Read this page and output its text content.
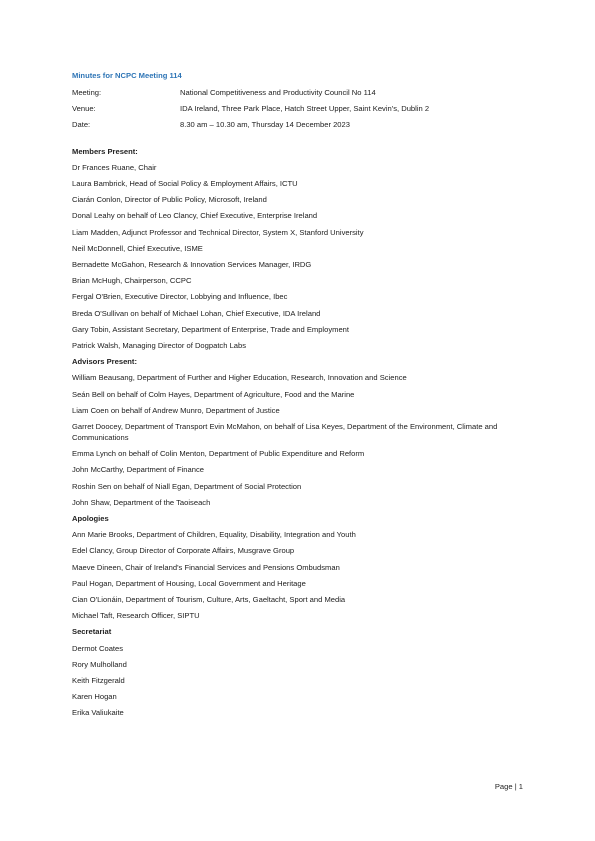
Minutes for NCPC Meeting 114
Meeting:	National Competitiveness and Productivity Council No 114
Venue:	IDA Ireland, Three Park Place, Hatch Street Upper, Saint Kevin's, Dublin 2
Date:	8.30 am – 10.30 am, Thursday 14 December 2023
Members Present:
Dr Frances Ruane, Chair
Laura Bambrick, Head of Social Policy & Employment Affairs, ICTU
Ciarán Conlon, Director of Public Policy, Microsoft, Ireland
Donal Leahy on behalf of Leo Clancy, Chief Executive, Enterprise Ireland
Liam Madden, Adjunct Professor and Technical Director, System X, Stanford University
Neil McDonnell, Chief Executive, ISME
Bernadette McGahon, Research & Innovation Services Manager, IRDG
Brian McHugh, Chairperson, CCPC
Fergal O'Brien, Executive Director, Lobbying and Influence, Ibec
Breda O'Sullivan on behalf of Michael Lohan, Chief Executive, IDA Ireland
Gary Tobin, Assistant Secretary, Department of Enterprise, Trade and Employment
Patrick Walsh, Managing Director of Dogpatch Labs
Advisors Present:
William Beausang, Department of Further and Higher Education, Research, Innovation and Science
Seán Bell on behalf of Colm Hayes, Department of Agriculture, Food and the Marine
Liam Coen on behalf of Andrew Munro, Department of Justice
Garret Doocey, Department of Transport Evin McMahon, on behalf of Lisa Keyes, Department of the Environment, Climate and Communications
Emma Lynch on behalf of Colin Menton, Department of Public Expenditure and Reform
John McCarthy, Department of Finance
Roshin Sen on behalf of Niall Egan, Department of Social Protection
John Shaw, Department of the Taoiseach
Apologies
Ann Marie Brooks, Department of Children, Equality, Disability, Integration and Youth
Edel Clancy, Group Director of Corporate Affairs, Musgrave Group
Maeve Dineen, Chair of Ireland's Financial Services and Pensions Ombudsman
Paul Hogan, Department of Housing, Local Government and Heritage
Cian O'Lionáin, Department of Tourism, Culture, Arts, Gaeltacht, Sport and Media
Michael Taft, Research Officer, SIPTU
Secretariat
Dermot Coates
Rory Mulholland
Keith Fitzgerald
Karen Hogan
Erika Valiukaite
Page | 1
